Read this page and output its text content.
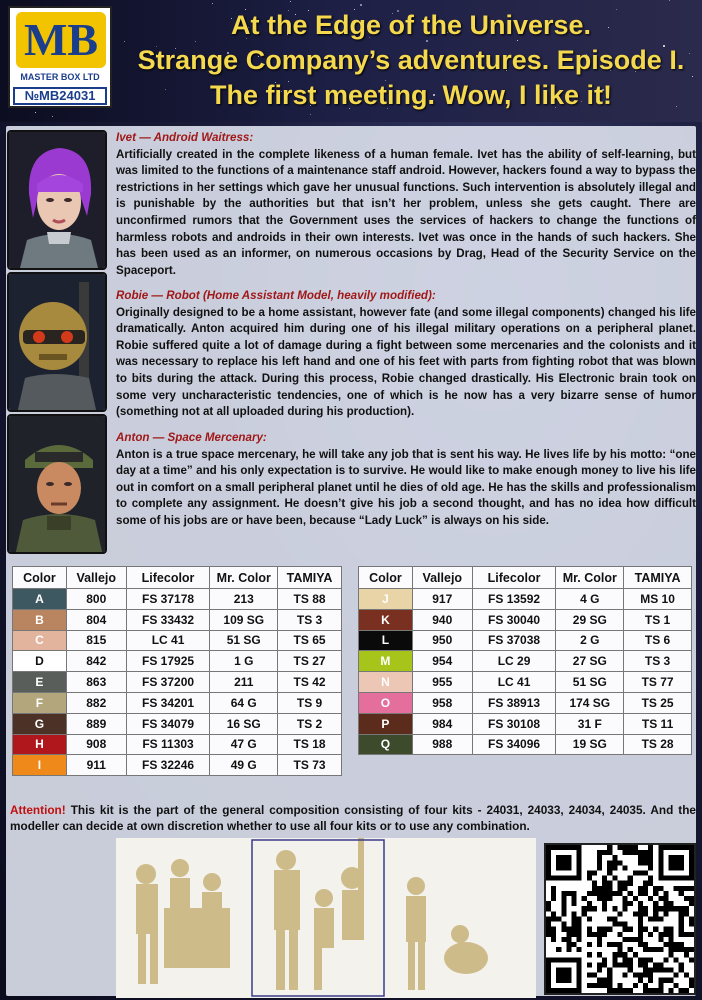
MB
MASTER BOX LTD
№MB24031
At the Edge of the Universe.
Strange Company’s adventures. Episode I.
The first meeting. Wow, I like it!
Ivet — Android Waitress:
Artificially created in the complete likeness of a human female. Ivet has the ability of self-learning, but was limited to the functions of a maintenance staff android. However, hackers found a way to bypass the restrictions in her settings which gave her unusual functions. Such intervention is absolutely illegal and is punishable by the authorities but that isn’t her problem, unless she gets caught. There are unconfirmed rumors that the Government uses the services of hackers to change the functions of harmless robots and androids in their own interests. Ivet was once in the hands of such hackers. She has been used as an informer, on numerous occasions by Drag, Head of the Security Service on the Spaceport.
Robie — Robot (Home Assistant Model, heavily modified):
Originally designed to be a home assistant, however fate (and some illegal components) changed his life dramatically. Anton acquired him during one of his illegal military operations on a peripheral planet. Robie suffered quite a lot of damage during a fight between some mercenaries and the colonists and it was necessary to replace his left hand and one of his feet with parts from fighting robot that was blown to bits during the attack. During this process, Robie changed drastically. His Electronic brain took on some very uncharacteristic tendencies, one of which is he now has a very bizarre sense of humor (something not at all uploaded during his production).
Anton — Space Mercenary:
Anton is a true space mercenary, he will take any job that is sent his way. He lives life by his motto: “one day at a time” and his only expectation is to survive. He would like to make enough money to live his life out in comfort on a small peripheral planet until he dies of old age. He has the skills and professionalism to complete any assignment. He doesn’t give his job a second thought, and has no idea how difficult some of his jobs are or have been, because “Lady Luck” is always on his side.
Color	Vallejo	Lifecolor	Mr. Color	TAMIYA
A	800	FS 37178	213	TS 88
B	804	FS 33432	109 SG	TS 3
C	815	LC 41	51 SG	TS 65
D	842	FS 17925	1 G	TS 27
E	863	FS 37200	211	TS 42
F	882	FS 34201	64 G	TS 9
G	889	FS 34079	16 SG	TS 2
H	908	FS 11303	47 G	TS 18
I	911	FS 32246	49 G	TS 73
Color	Vallejo	Lifecolor	Mr. Color	TAMIYA
J	917	FS 13592	4 G	MS 10
K	940	FS 30040	29 SG	TS 1
L	950	FS 37038	2 G	TS 6
M	954	LC 29	27 SG	TS 3
N	955	LC 41	51 SG	TS 77
O	958	FS 38913	174 SG	TS 25
P	984	FS 30108	31 F	TS 11
Q	988	FS 34096	19 SG	TS 28
Attention! This kit is the part of the general composition consisting of four kits - 24031, 24033, 24034, 24035. And the modeller can decide at own discretion whether to use all four kits or to use any combination.
